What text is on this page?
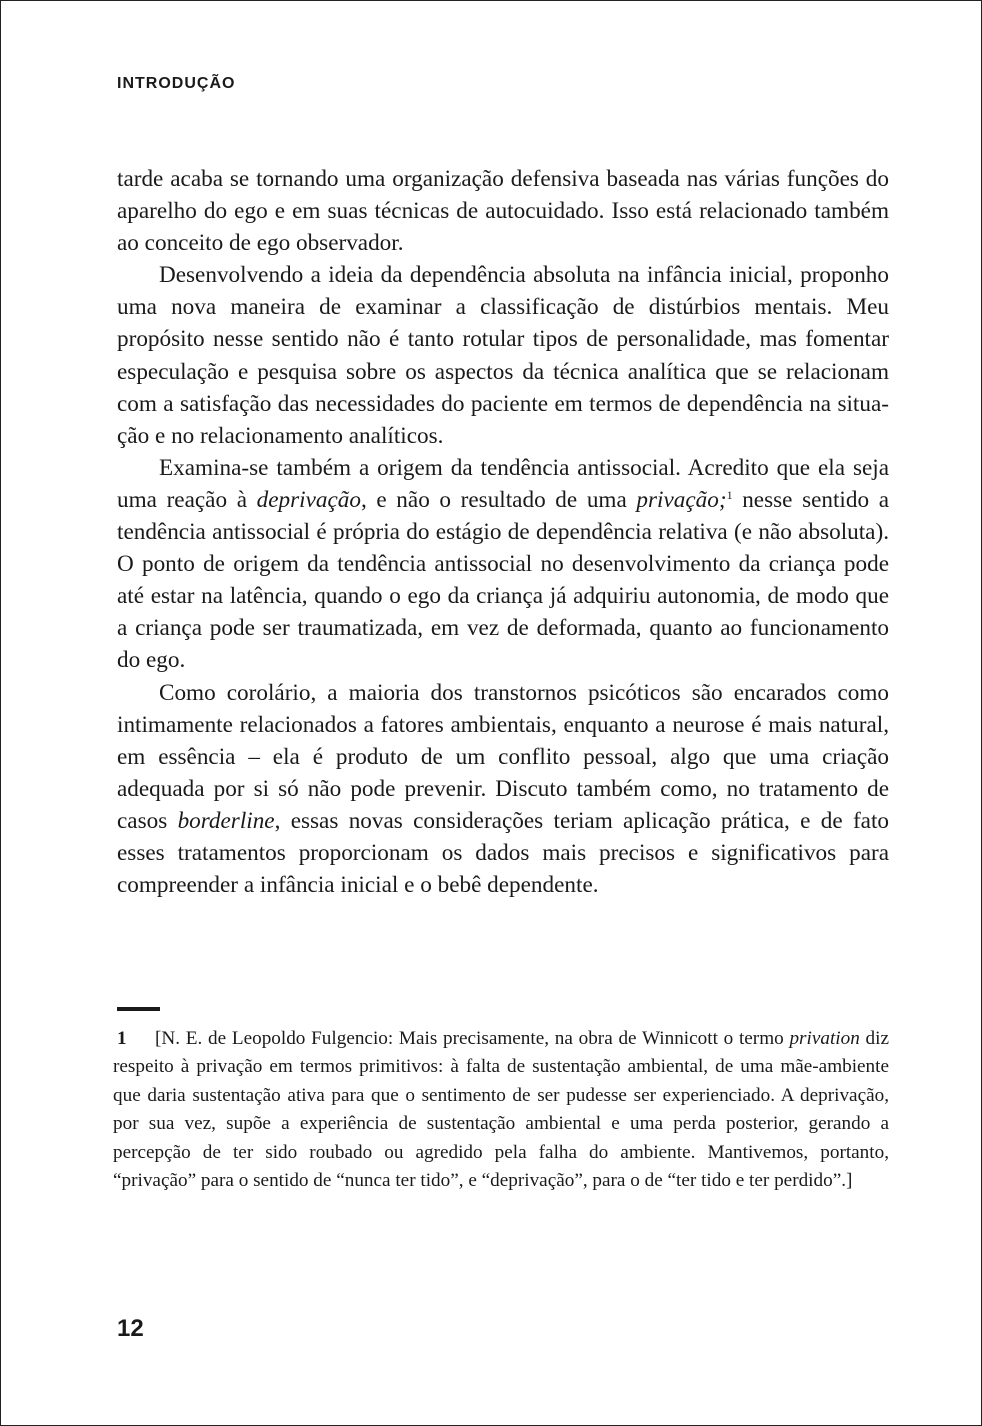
INTRODUÇÃO

tarde acaba se tornando uma organização defensiva baseada nas várias funções do aparelho do ego e em suas técnicas de autocuidado. Isso está relacionado também ao conceito de ego observador.

Desenvolvendo a ideia da dependência absoluta na infância inicial, proponho uma nova maneira de examinar a classificação de distúrbios mentais. Meu propósito nesse sentido não é tanto rotular tipos de personalidade, mas fomentar especulação e pesquisa sobre os aspectos da técnica analítica que se relacionam com a satisfação das necessidades do paciente em termos de dependência na situação e no relacionamento analíticos.

Examina-se também a origem da tendência antissocial. Acredito que ela seja uma reação à deprivação, e não o resultado de uma privação;$^1$ nesse sentido a tendência antissocial é própria do estágio de dependência relativa (e não absoluta). O ponto de origem da tendência antissocial no desenvolvimento da criança pode até estar na latência, quando o ego da criança já adquiriu autonomia, de modo que a criança pode ser traumatizada, em vez de deformada, quanto ao funcionamento do ego.

Como corolário, a maioria dos transtornos psicóticos são encarados como intimamente relacionados a fatores ambientais, enquanto a neurose é mais natural, em essência – ela é produto de um conflito pessoal, algo que uma criação adequada por si só não pode prevenir. Discuto também como, no tratamento de casos borderline, essas novas considerações teriam aplicação prática, e de fato esses tratamentos proporcionam os dados mais precisos e significativos para compreender a infância inicial e o bebê dependente.

1 [N. E. de Leopoldo Fulgencio: Mais precisamente, na obra de Winnicott o termo privation diz respeito à privação em termos primitivos: à falta de sustentação ambiental, de uma mãe-ambiente que daria sustentação ativa para que o sentimento de ser pudesse ser experienciado. A deprivação, por sua vez, supõe a experiência de sustentação ambiental e uma perda posterior, gerando a percepção de ter sido roubado ou agredido pela falha do ambiente. Mantivemos, portanto, “privação” para o sentido de “nunca ter tido”, e “deprivação”, para o de “ter tido e ter perdido”.]
12
